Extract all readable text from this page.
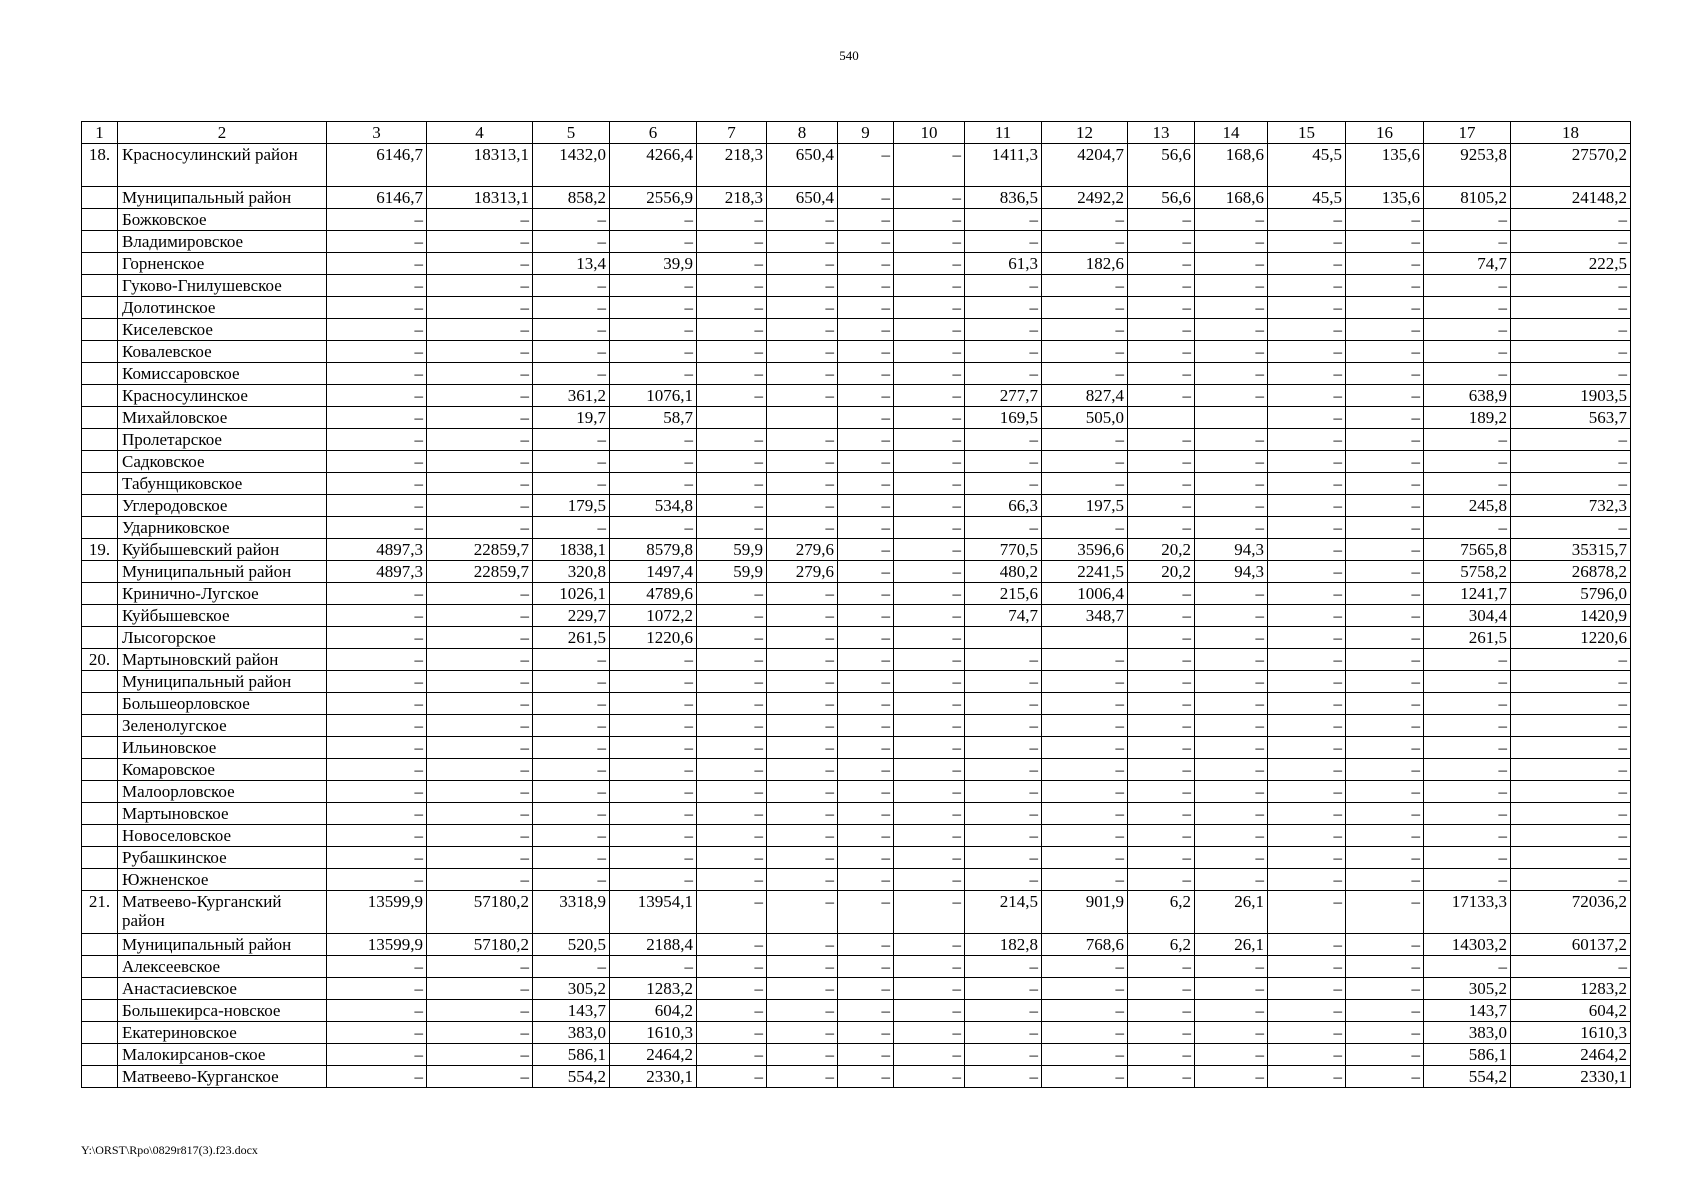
540
1	2	3	4	5	6	7	8	9	10	11	12	13	14	15	16	17	18
18.	Красносулинский район	6146,7	18313,1	1432,0	4266,4	218,3	650,4	–	–	1411,3	4204,7	56,6	168,6	45,5	135,6	9253,8	27570,2
	Муниципальный район	6146,7	18313,1	858,2	2556,9	218,3	650,4	–	–	836,5	2492,2	56,6	168,6	45,5	135,6	8105,2	24148,2
	Божковское	–	–	–	–	–	–	–	–	–	–	–	–	–	–	–	–
	Владимировское	–	–	–	–	–	–	–	–	–	–	–	–	–	–	–	–
	Горненское	–	–	13,4	39,9	–	–	–	–	61,3	182,6	–	–	–	–	74,7	222,5
	Гуково-Гнилушевское	–	–	–	–	–	–	–	–	–	–	–	–	–	–	–	–
	Долотинское	–	–	–	–	–	–	–	–	–	–	–	–	–	–	–	–
	Киселевское	–	–	–	–	–	–	–	–	–	–	–	–	–	–	–	–
	Ковалевское	–	–	–	–	–	–	–	–	–	–	–	–	–	–	–	–
	Комиссаровское	–	–	–	–	–	–	–	–	–	–	–	–	–	–	–	–
	Красносулинское	–	–	361,2	1076,1	–	–	–	–	277,7	827,4	–	–	–	–	638,9	1903,5
	Михайловское	–	–	19,7	58,7			–	–	169,5	505,0			–	–	189,2	563,7
	Пролетарское	–	–	–	–	–	–	–	–	–	–	–	–	–	–	–	–
	Садковское	–	–	–	–	–	–	–	–	–	–	–	–	–	–	–	–
	Табунщиковское	–	–	–	–	–	–	–	–	–	–	–	–	–	–	–	–
	Углеродовское	–	–	179,5	534,8	–	–	–	–	66,3	197,5	–	–	–	–	245,8	732,3
	Ударниковское	–	–	–	–	–	–	–	–	–	–	–	–	–	–	–	–
19.	Куйбышевский район	4897,3	22859,7	1838,1	8579,8	59,9	279,6	–	–	770,5	3596,6	20,2	94,3	–	–	7565,8	35315,7
	Муниципальный район	4897,3	22859,7	320,8	1497,4	59,9	279,6	–	–	480,2	2241,5	20,2	94,3	–	–	5758,2	26878,2
	Кринично-Лугское	–	–	1026,1	4789,6	–	–	–	–	215,6	1006,4	–	–	–	–	1241,7	5796,0
	Куйбышевское	–	–	229,7	1072,2	–	–	–	–	74,7	348,7	–	–	–	–	304,4	1420,9
	Лысогорское	–	–	261,5	1220,6	–	–	–	–			–	–	–	–	261,5	1220,6
20.	Мартыновский район	–	–	–	–	–	–	–	–	–	–	–	–	–	–	–	–
	Муниципальный район	–	–	–	–	–	–	–	–	–	–	–	–	–	–	–	–
	Большеорловское	–	–	–	–	–	–	–	–	–	–	–	–	–	–	–	–
	Зеленолугское	–	–	–	–	–	–	–	–	–	–	–	–	–	–	–	–
	Ильиновское	–	–	–	–	–	–	–	–	–	–	–	–	–	–	–	–
	Комаровское	–	–	–	–	–	–	–	–	–	–	–	–	–	–	–	–
	Малоорловское	–	–	–	–	–	–	–	–	–	–	–	–	–	–	–	–
	Мартыновское	–	–	–	–	–	–	–	–	–	–	–	–	–	–	–	–
	Новоселовское	–	–	–	–	–	–	–	–	–	–	–	–	–	–	–	–
	Рубашкинское	–	–	–	–	–	–	–	–	–	–	–	–	–	–	–	–
	Южненское	–	–	–	–	–	–	–	–	–	–	–	–	–	–	–	–
21.	Матвеево-Курганский район	13599,9	57180,2	3318,9	13954,1	–	–	–	–	214,5	901,9	6,2	26,1	–	–	17133,3	72036,2
	Муниципальный район	13599,9	57180,2	520,5	2188,4	–	–	–	–	182,8	768,6	6,2	26,1	–	–	14303,2	60137,2
	Алексеевское	–	–	–	–	–	–	–	–	–	–	–	–	–	–	–	–
	Анастасиевское	–	–	305,2	1283,2	–	–	–	–	–	–	–	–	–	–	305,2	1283,2
	Большекирса-новское	–	–	143,7	604,2	–	–	–	–	–	–	–	–	–	–	143,7	604,2
	Екатериновское	–	–	383,0	1610,3	–	–	–	–	–	–	–	–	–	–	383,0	1610,3
	Малокирсанов-ское	–	–	586,1	2464,2	–	–	–	–	–	–	–	–	–	–	586,1	2464,2
	Матвеево-Курганское	–	–	554,2	2330,1	–	–	–	–	–	–	–	–	–	–	554,2	2330,1
Y:\ORST\Rpo\0829r817(3).f23.docx
